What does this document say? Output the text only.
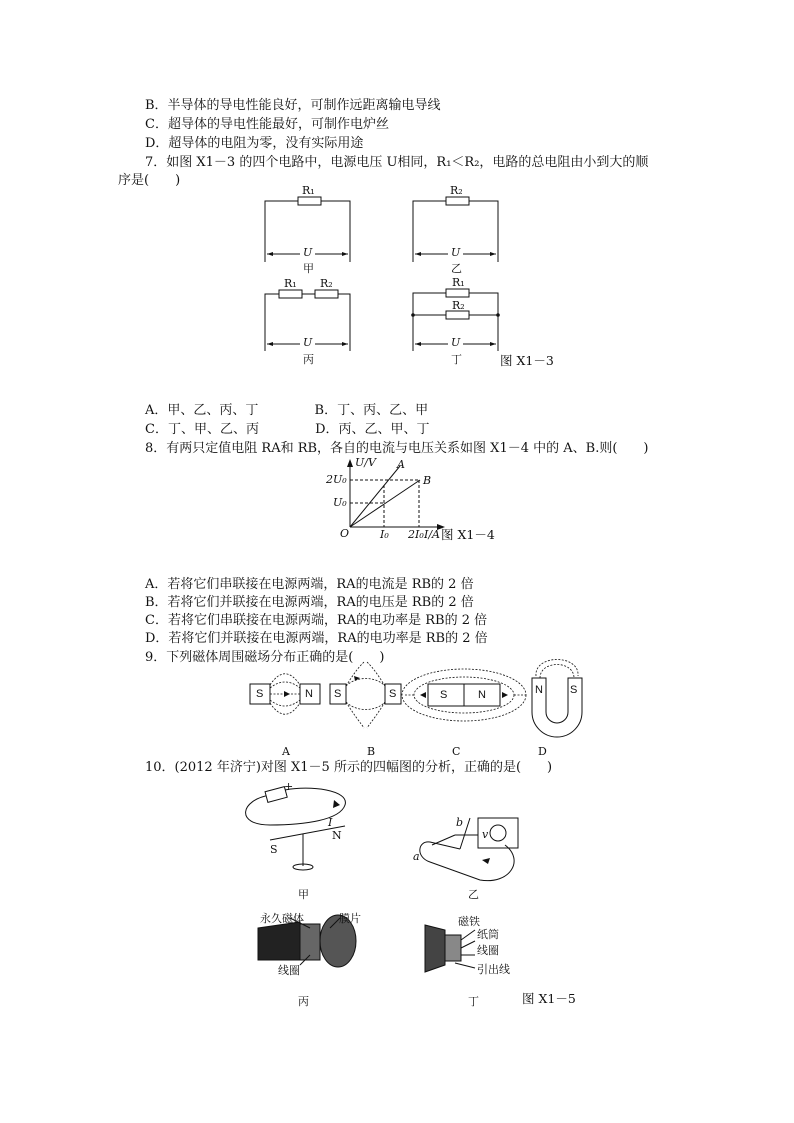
B．半导体的导电性能良好，可制作远距离输电导线
C．超导体的导电性能最好，可制作电炉丝
D．超导体的电阻为零，没有实际用途
7．如图 X1－3 的四个电路中，电源电压 U相同，R₁＜R₂，电路的总电阻由小到大的顺
序是(　　)
R₁
U
甲
R₂
U
乙
R₁ R₂
U
丙
R₁
R₂
U
丁	图 X1－3
A．甲、乙、丙、丁　　　　 B．丁、丙、乙、甲
C．丁、甲、乙、丙　　　　 D．丙、乙、甲、丁
8．有两只定值电阻 RA和 RB，各自的电流与电压关系如图 X1－4 中的 A、B.则(　　)
U/V
2U₀
U₀
O	I₀ 2I₀ I/A
A
B
图 X1－4
A．若将它们串联接在电源两端，RA的电流是 RB的 2 倍
B．若将它们并联接在电源两端，RA的电压是 RB的 2 倍
C．若将它们串联接在电源两端，RA的电功率是 RB的 2 倍
D．若将它们并联接在电源两端，RA的电功率是 RB的 2 倍
9．下列磁体周围磁场分布正确的是(　　)
S	N S	S	S	N	N S
A	B	C	D
10．(2012 年济宁)对图 X1－5 所示的四幅图的分析，正确的是(　　)
+
I
N
S
甲
b
v
a
乙
永久磁体	膜片
线圈
丙
磁铁
纸筒
线圈
引出线
丁	图 X1－5
